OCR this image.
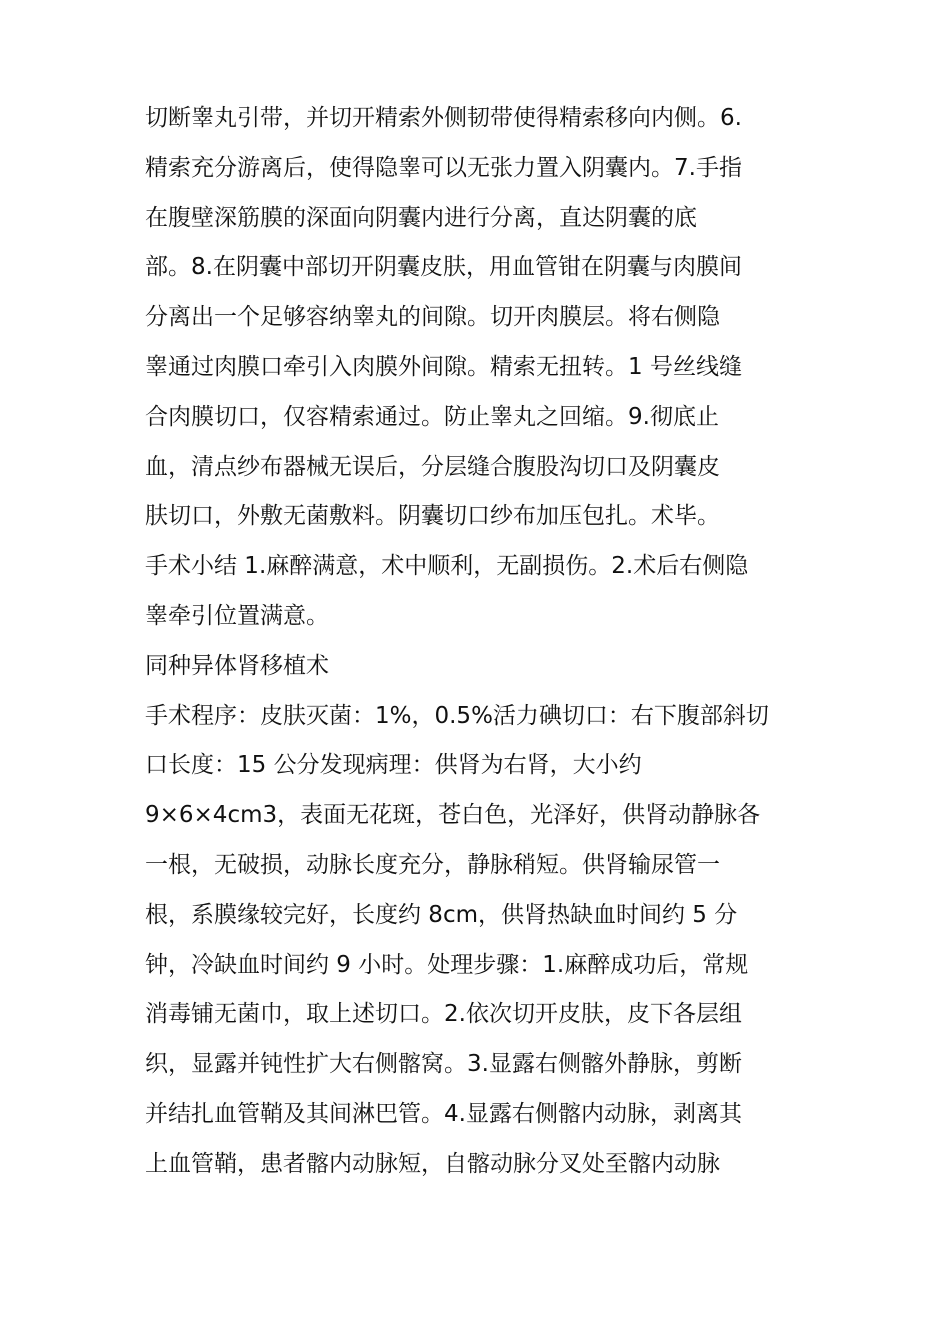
切断睾丸引带，并切开精索外侧韧带使得精索移向内侧。6.
精索充分游离后，使得隐睾可以无张力置入阴囊内。7.手指
在腹壁深筋膜的深面向阴囊内进行分离，直达阴囊的底
部。8.在阴囊中部切开阴囊皮肤，用血管钳在阴囊与肉膜间
分离出一个足够容纳睾丸的间隙。切开肉膜层。将右侧隐
睾通过肉膜口牵引入肉膜外间隙。精索无扭转。1 号丝线缝
合肉膜切口，仅容精索通过。防止睾丸之回缩。9.彻底止
血，清点纱布器械无误后，分层缝合腹股沟切口及阴囊皮
肤切口，外敷无菌敷料。阴囊切口纱布加压包扎。术毕。
手术小结 1.麻醉满意，术中顺利，无副损伤。2.术后右侧隐
睾牵引位置满意。
同种异体肾移植术
手术程序：皮肤灭菌：1%，0.5%活力碘切口：右下腹部斜切
口长度：15 公分发现病理：供肾为右肾，大小约
9×6×4cm3，表面无花斑，苍白色，光泽好，供肾动静脉各
一根，无破损，动脉长度充分，静脉稍短。供肾输尿管一
根，系膜缘较完好，长度约 8cm，供肾热缺血时间约 5 分
钟，冷缺血时间约 9 小时。处理步骤：1.麻醉成功后，常规
消毒铺无菌巾，取上述切口。2.依次切开皮肤，皮下各层组
织，显露并钝性扩大右侧髂窝。3.显露右侧髂外静脉，剪断
并结扎血管鞘及其间淋巴管。4.显露右侧髂内动脉，剥离其
上血管鞘，患者髂内动脉短，自髂动脉分叉处至髂内动脉
